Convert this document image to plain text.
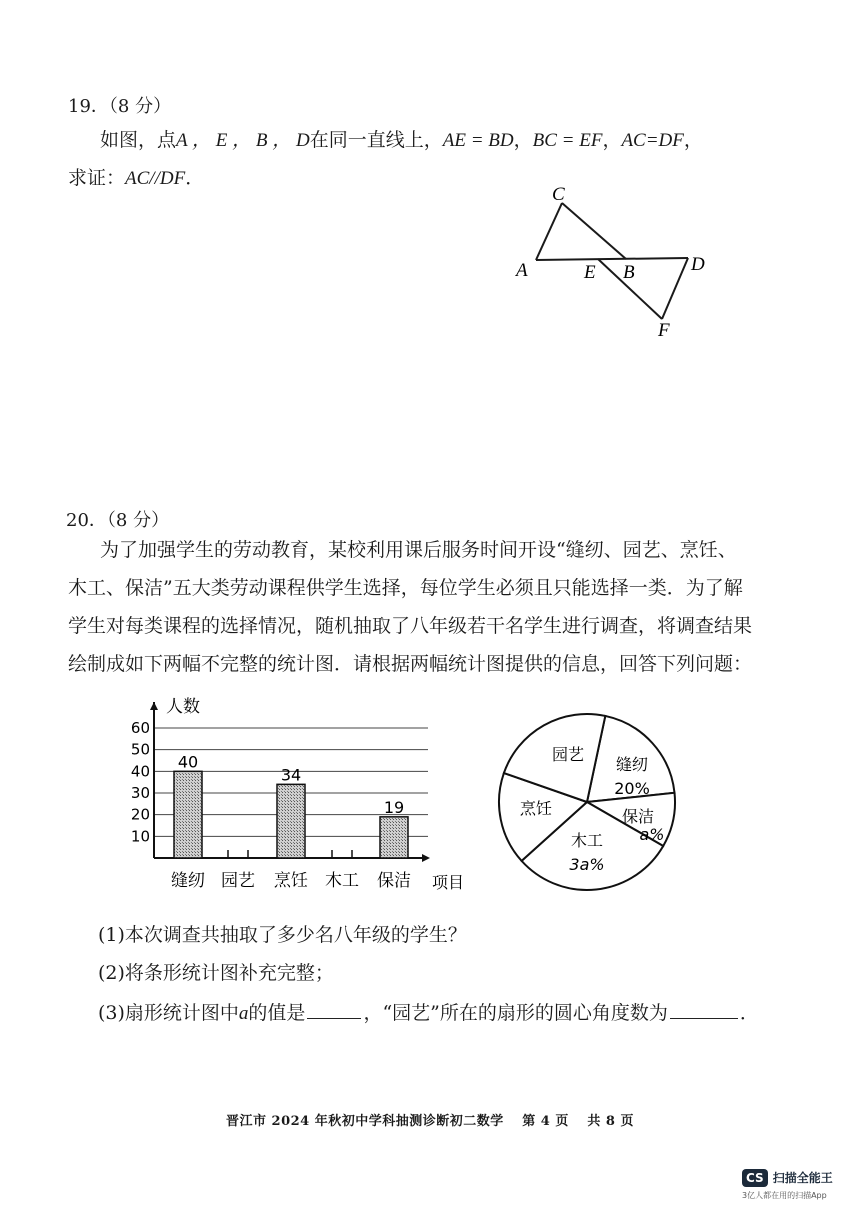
19．（8 分）
如图，点A ， E ， B ， D在同一直线上，AE = BD，BC = EF，AC=DF，
求证：AC//DF．
C
A	E B	D
F
20．（8 分）
为了加强学生的劳动教育，某校利用课后服务时间开设“缝纫、园艺、烹饪、
木工、保洁”五大类劳动课程供学生选择，每位学生必须且只能选择一类．为了解
学生对每类课程的选择情况，随机抽取了八年级若干名学生进行调查，将调查结果
绘制成如下两幅不完整的统计图．请根据两幅统计图提供的信息，回答下列问题：
10
20
30
40
50
60
40
34
19
缝纫 园艺 烹饪 木工 保洁
人数
项目
缝纫
20%
保洁
a%
木工
3a%
烹饪
园艺
(1)本次调查共抽取了多少名八年级的学生？
(2)将条形统计图补充完整；
(3)扇形统计图中a的值是	，“园艺”所在的扇形的圆心角度数为	．
晋江市 2024 年秋初中学科抽测诊断初二数学　 第 4 页　 共 8 页
CS 扫描全能王
3亿人都在用的扫描App
